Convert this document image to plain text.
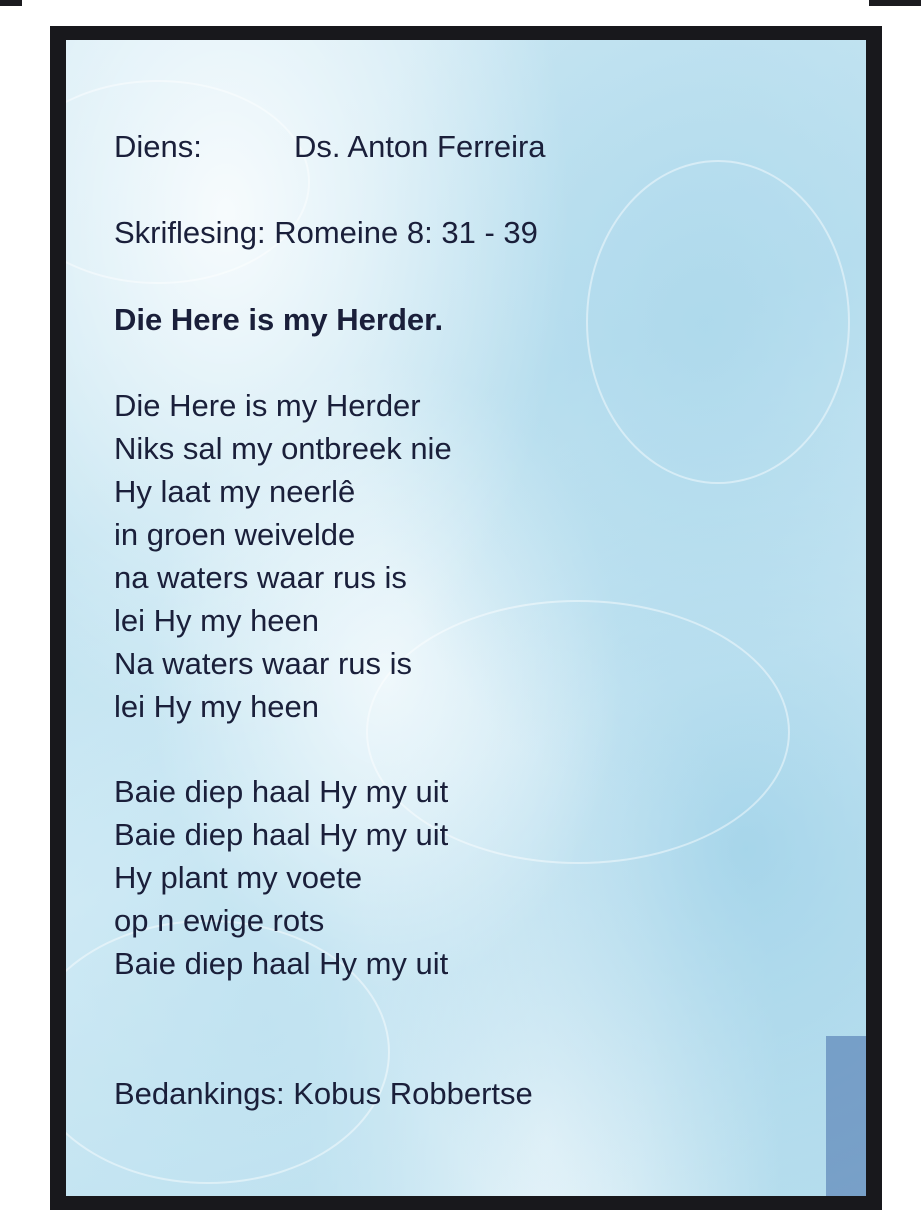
Diens:	Ds. Anton Ferreira
Skriflesing: Romeine 8: 31 - 39
Die Here is my Herder.
Die Here is my Herder
Niks sal my ontbreek nie
Hy laat my neerlê
in groen weivelde
na waters waar rus is
lei Hy my heen
Na waters waar rus is
lei Hy my heen
Baie diep haal Hy my uit
Baie diep haal Hy my uit
Hy plant my voete
op n ewige rots
Baie diep haal Hy my uit
Bedankings: Kobus Robbertse
